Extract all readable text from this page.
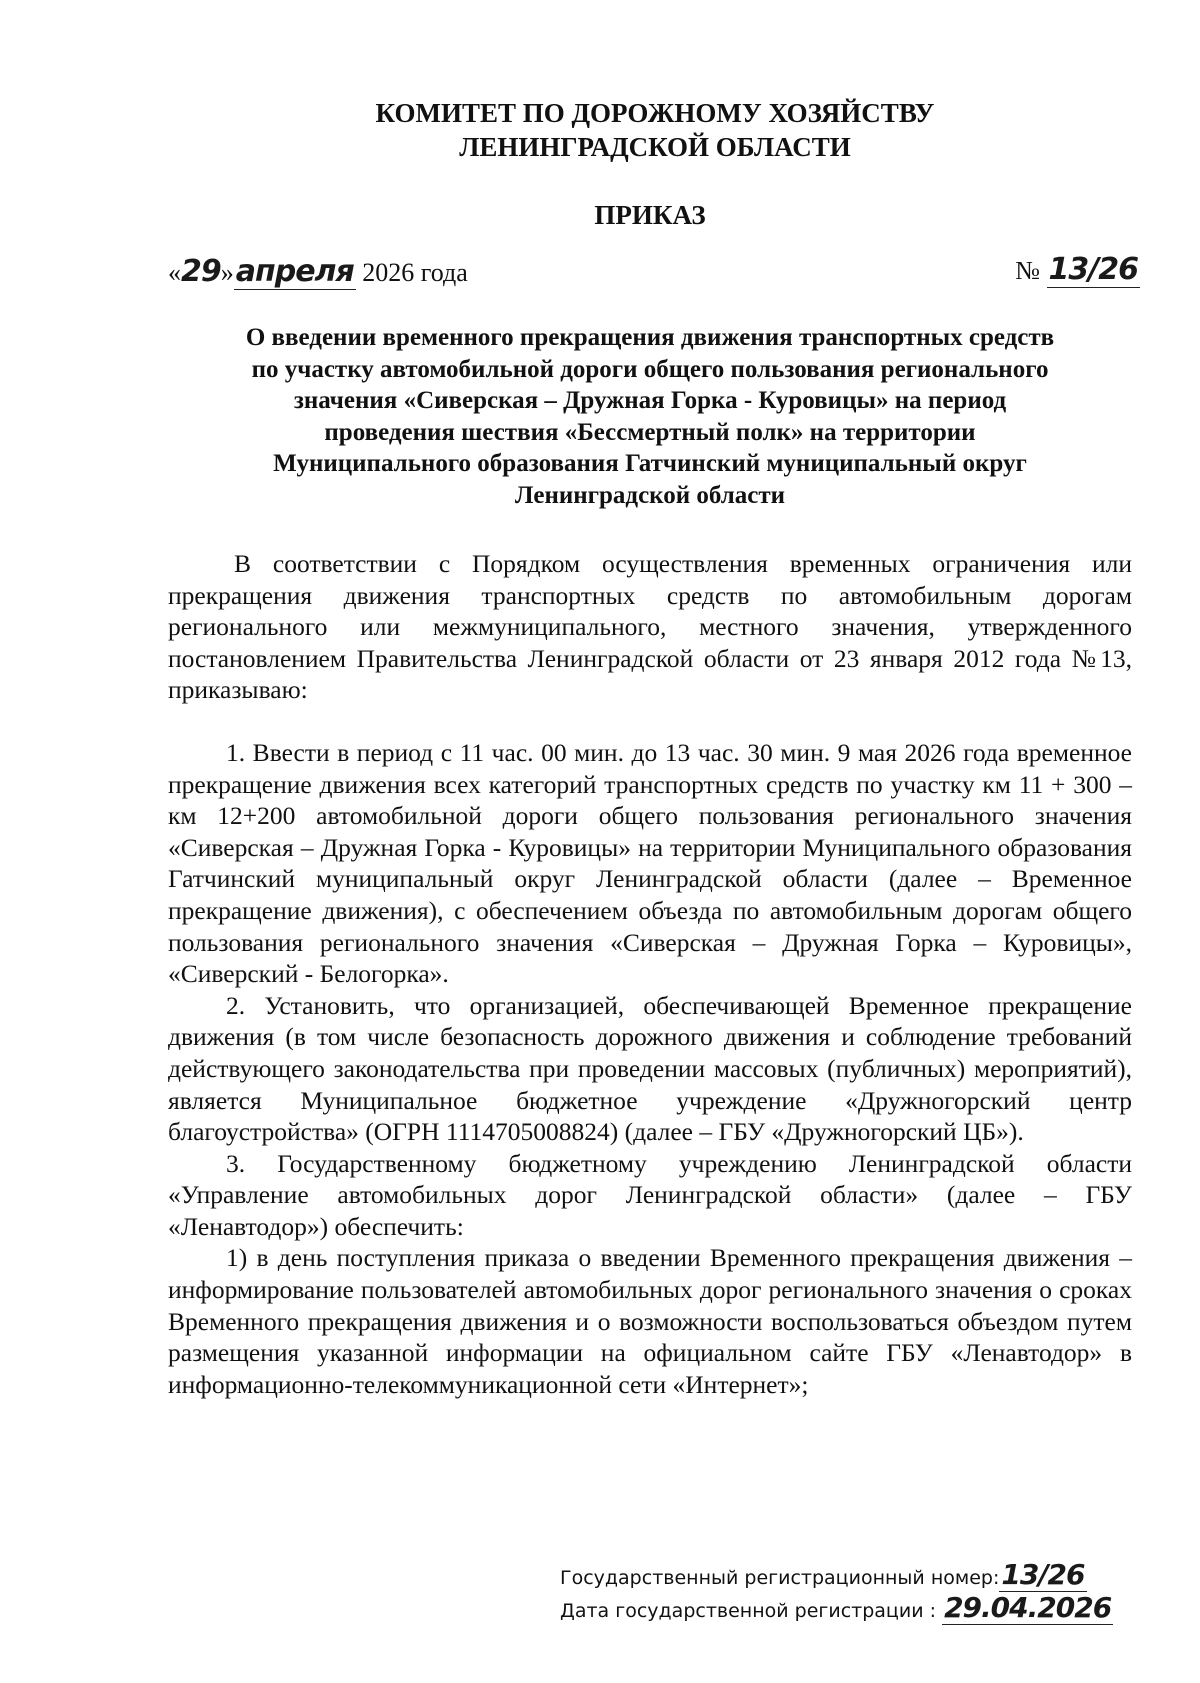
КОМИТЕТ ПО ДОРОЖНОМУ ХОЗЯЙСТВУ
ЛЕНИНГРАДСКОЙ ОБЛАСТИ
ПРИКАЗ
«29»апреля 2026 года	№ 13/26
О введении временного прекращения движения транспортных средств
по участку автомобильной дороги общего пользования регионального
значения «Сиверская – Дружная Горка - Куровицы» на период
проведения шествия «Бессмертный полк» на территории
Муниципального образования Гатчинский муниципальный округ
Ленинградской области

В соответствии с Порядком осуществления временных ограничения или прекращения движения транспортных средств по автомобильным дорогам регионального или межмуниципального, местного значения, утвержденного постановлением Правительства Ленинградской области от 23 января 2012 года №13, приказываю:

1. Ввести в период с 11 час. 00 мин. до 13 час. 30 мин. 9 мая 2026 года временное прекращение движения всех категорий транспортных средств по участку км 11 + 300 – км 12+200 автомобильной дороги общего пользования регионального значения «Сиверская – Дружная Горка - Куровицы» на территории Муниципального образования Гатчинский муниципальный округ Ленинградской области (далее – Временное прекращение движения), с обеспечением объезда по автомобильным дорогам общего пользования регионального значения «Сиверская – Дружная Горка – Куровицы», «Сиверский - Белогорка».

2. Установить, что организацией, обеспечивающей Временное прекращение движения (в том числе безопасность дорожного движения и соблюдение требований действующего законодательства при проведении массовых (публичных) мероприятий), является Муниципальное бюджетное учреждение «Дружногорский центр благоустройства» (ОГРН 1114705008824) (далее – ГБУ «Дружногорский ЦБ»).

3. Государственному бюджетному учреждению Ленинградской области «Управление автомобильных дорог Ленинградской области» (далее – ГБУ «Ленавтодор») обеспечить:

1) в день поступления приказа о введении Временного прекращения движения – информирование пользователей автомобильных дорог регионального значения о сроках Временного прекращения движения и о возможности воспользоваться объездом путем размещения указанной информации на официальном сайте ГБУ «Ленавтодор» в информационно-телекоммуникационной сети «Интернет»;

Государственный регистрационный номер:13/26
Дата государственной регистрации : 29.04.2026
